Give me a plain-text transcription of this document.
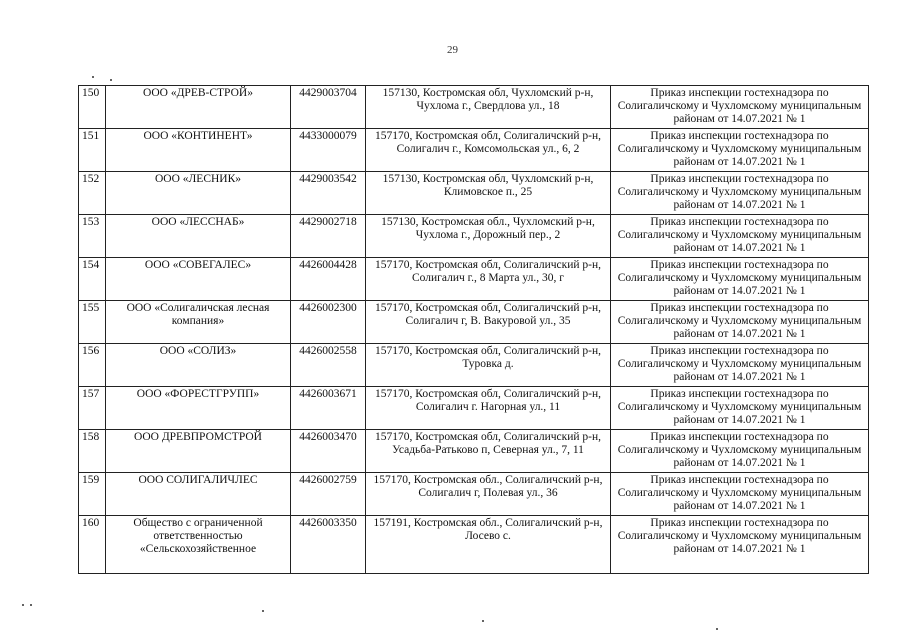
29
150	ООО «ДРЕВ-СТРОЙ»	4429003704	157130, Костромская обл, Чухломский р-н, Чухлома г., Свердлова ул., 18	Приказ инспекции гостехнадзора по Солигаличскому и Чухломскому муниципальным районам от 14.07.2021 № 1
151	ООО «КОНТИНЕНТ»	4433000079	157170, Костромская обл, Солигаличский р-н, Солигалич г., Комсомольская ул., 6, 2	Приказ инспекции гостехнадзора по Солигаличскому и Чухломскому муниципальным районам от 14.07.2021 № 1
152	ООО «ЛЕСНИК»	4429003542	157130, Костромская обл, Чухломский р-н, Климовское п., 25	Приказ инспекции гостехнадзора по Солигаличскому и Чухломскому муниципальным районам от 14.07.2021 № 1
153	ООО «ЛЕССНАБ»	4429002718	157130, Костромская обл., Чухломский р-н, Чухлома г., Дорожный пер., 2	Приказ инспекции гостехнадзора по Солигаличскому и Чухломскому муниципальным районам от 14.07.2021 № 1
154	ООО «СОВЕГАЛЕС»	4426004428	157170, Костромская обл, Солигаличский р-н, Солигалич г., 8 Марта ул., 30, г	Приказ инспекции гостехнадзора по Солигаличскому и Чухломскому муниципальным районам от 14.07.2021 № 1
155	ООО «Солигаличская лесная компания»	4426002300	157170, Костромская обл, Солигаличский р-н, Солигалич г, В. Вакуровой ул., 35	Приказ инспекции гостехнадзора по Солигаличскому и Чухломскому муниципальным районам от 14.07.2021 № 1
156	ООО «СОЛИЗ»	4426002558	157170, Костромская обл, Солигаличский р-н, Туровка д.	Приказ инспекции гостехнадзора по Солигаличскому и Чухломскому муниципальным районам от 14.07.2021 № 1
157	ООО «ФОРЕСТГРУПП»	4426003671	157170, Костромская обл, Солигаличский р-н, Солигалич г. Нагорная ул., 11	Приказ инспекции гостехнадзора по Солигаличскому и Чухломскому муниципальным районам от 14.07.2021 № 1
158	ООО ДРЕВПРОМСТРОЙ	4426003470	157170, Костромская обл, Солигаличский р-н, Усадьба-Ратьково п, Северная ул., 7, 11	Приказ инспекции гостехнадзора по Солигаличскому и Чухломскому муниципальным районам от 14.07.2021 № 1
159	ООО СОЛИГАЛИЧЛЕС	4426002759	157170, Костромская обл., Солигаличский р-н, Солигалич г, Полевая ул., 36	Приказ инспекции гостехнадзора по Солигаличскому и Чухломскому муниципальным районам от 14.07.2021 № 1
160	Общество с ограниченной ответственностью «Сельскохозяйственное	4426003350	157191, Костромская обл., Солигаличский р-н, Лосево с.	Приказ инспекции гостехнадзора по Солигаличскому и Чухломскому муниципальным районам от 14.07.2021 № 1
